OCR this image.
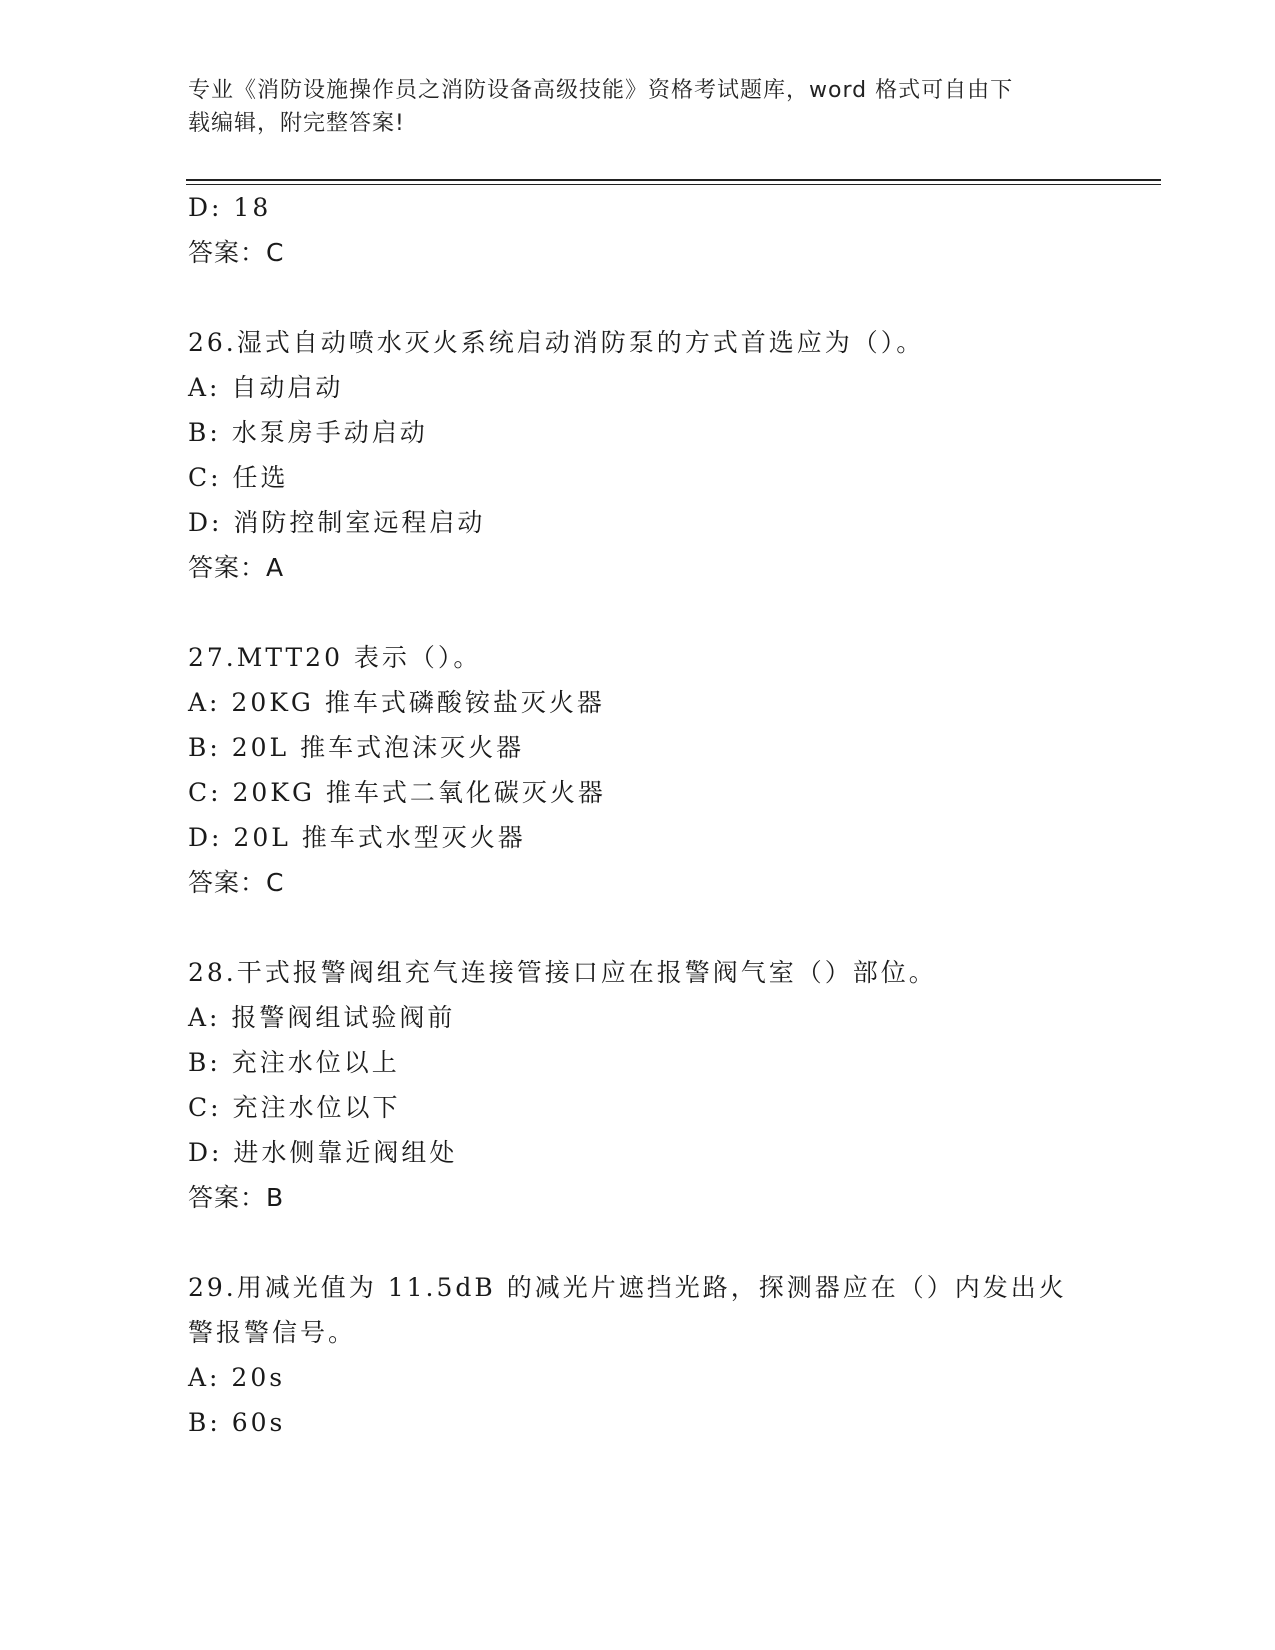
专业《消防设施操作员之消防设备高级技能》资格考试题库，word 格式可自由下
载编辑，附完整答案!
D: 18
答案：C
26.湿式自动喷水灭火系统启动消防泵的方式首选应为（）。
A: 自动启动
B: 水泵房手动启动
C: 任选
D: 消防控制室远程启动
答案：A
27.MTT20 表示（）。
A: 20KG 推车式磷酸铵盐灭火器
B: 20L 推车式泡沫灭火器
C: 20KG 推车式二氧化碳灭火器
D: 20L 推车式水型灭火器
答案：C
28.干式报警阀组充气连接管接口应在报警阀气室（）部位。
A: 报警阀组试验阀前
B: 充注水位以上
C: 充注水位以下
D: 进水侧靠近阀组处
答案：B
29.用减光值为 11.5dB 的减光片遮挡光路，探测器应在（）内发出火
警报警信号。
A: 20s
B: 60s
